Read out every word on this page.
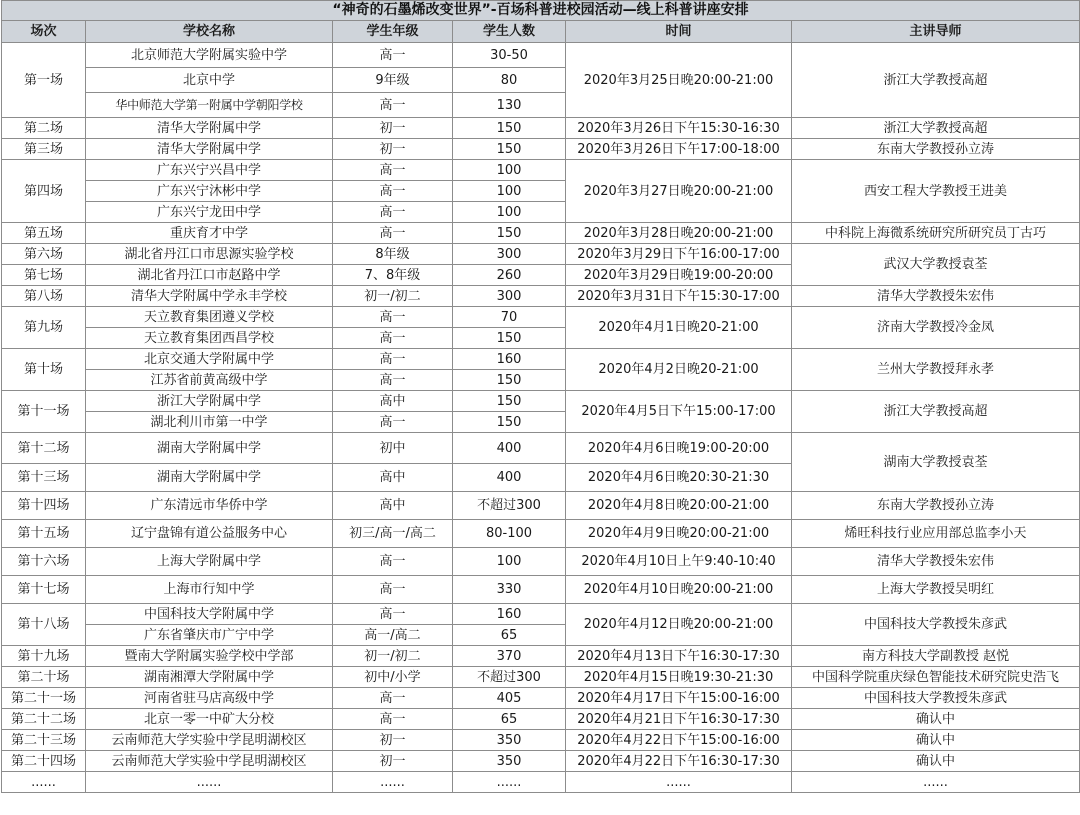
“神奇的石墨烯改变世界”-百场科普进校园活动—线上科普讲座安排					
场次	学校名称	学生年级	学生人数	时间	主讲导师
第一场	北京师范大学附属实验中学	高一	30-50	2020年3月25日晚20:00-21:00	浙江大学教授高超
	北京中学	9年级	80		
	华中师范大学第一附属中学朝阳学校	高一	130		
第二场	清华大学附属中学	初一	150	2020年3月26日下午15:30-16:30	浙江大学教授高超
第三场	清华大学附属中学	初一	150	2020年3月26日下午17:00-18:00	东南大学教授孙立涛
第四场	广东兴宁兴昌中学	高一	100	2020年3月27日晚20:00-21:00	西安工程大学教授王进美
	广东兴宁沐彬中学	高一	100		
	广东兴宁龙田中学	高一	100		
第五场	重庆育才中学	高一	150	2020年3月28日晚20:00-21:00	中科院上海微系统研究所研究员丁古巧
第六场	湖北省丹江口市思源实验学校	8年级	300	2020年3月29日下午16:00-17:00	武汉大学教授袁荃
第七场	湖北省丹江口市赵路中学	7、8年级	260	2020年3月29日晚19:00-20:00	
第八场	清华大学附属中学永丰学校	初一/初二	300	2020年3月31日下午15:30-17:00	清华大学教授朱宏伟
第九场	天立教育集团遵义学校	高一	70	2020年4月1日晚20-21:00	济南大学教授冷金凤
	天立教育集团西昌学校	高一	150		
第十场	北京交通大学附属中学	高一	160	2020年4月2日晚20-21:00	兰州大学教授拜永孝
	江苏省前黄高级中学	高一	150		
第十一场	浙江大学附属中学	高中	150	2020年4月5日下午15:00-17:00	浙江大学教授高超
	湖北利川市第一中学	高一	150		
第十二场	湖南大学附属中学	初中	400	2020年4月6日晚19:00-20:00	湖南大学教授袁荃
第十三场	湖南大学附属中学	高中	400	2020年4月6日晚20:30-21:30	
第十四场	广东清远市华侨中学	高中	不超过300	2020年4月8日晚20:00-21:00	东南大学教授孙立涛
第十五场	辽宁盘锦有道公益服务中心	初三/高一/高二	80-100	2020年4月9日晚20:00-21:00	烯旺科技行业应用部总监李小天
第十六场	上海大学附属中学	高一	100	2020年4月10日上午9:40-10:40	清华大学教授朱宏伟
第十七场	上海市行知中学	高一	330	2020年4月10日晚20:00-21:00	上海大学教授吴明红
第十八场	中国科技大学附属中学	高一	160	2020年4月12日晚20:00-21:00	中国科技大学教授朱彦武
	广东省肇庆市广宁中学	高一/高二	65		
第十九场	暨南大学附属实验学校中学部	初一/初二	370	2020年4月13日下午16:30-17:30	南方科技大学副教授 赵悦
第二十场	湖南湘潭大学附属中学	初中/小学	不超过300	2020年4月15日晚19:30-21:30	中国科学院重庆绿色智能技术研究院史浩飞
第二十一场	河南省驻马店高级中学	高一	405	2020年4月17日下午15:00-16:00	中国科技大学教授朱彦武
第二十二场	北京一零一中矿大分校	高一	65	2020年4月21日下午16:30-17:30	确认中
第二十三场	云南师范大学实验中学昆明湖校区	初一	350	2020年4月22日下午15:00-16:00	确认中
第二十四场	云南师范大学实验中学昆明湖校区	初一	350	2020年4月22日下午16:30-17:30	确认中
......	......	......	......	......	......
